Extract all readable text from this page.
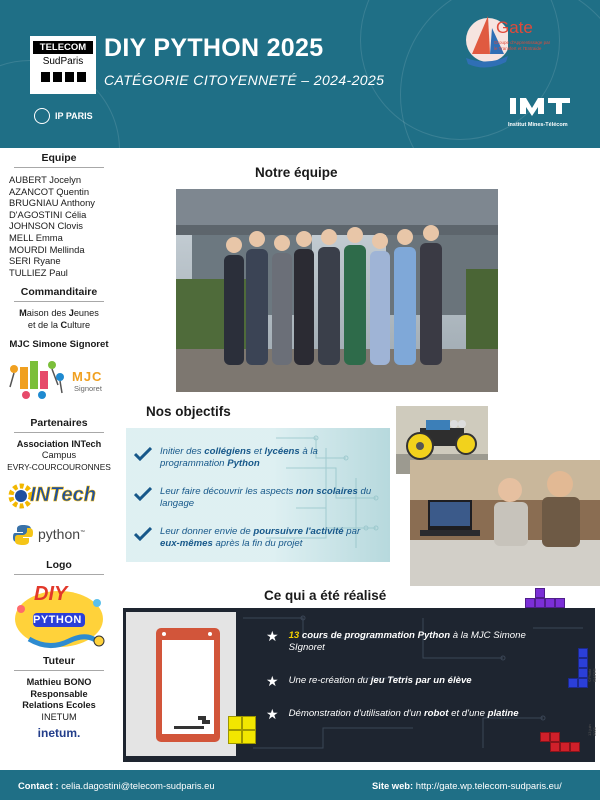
TELECOM
SudParis
IP PARIS
DIY PYTHON 2025
CATÉGORIE CITOYENNETÉ – 2024-2025
Gate
Groupe d'Apprentissage par le Transfert et l'Entraide
Institut Mines-Télécom
Equipe
AUBERT Jocelyn
AZANCOT Quentin
BRUGNIAU Anthony
D'AGOSTINI Célia
JOHNSON Clovis
MELL Emma
MOURDI Mellinda
SERI Ryane
TULLIEZ Paul
Commanditaire
Maison des Jeunes
et de la Culture
MJC Simone Signoret
MJC
Signoret
Partenaires
Association INTech
Campus
EVRY-COURCOURONNES
INTech
python™
Logo
DIY
PYTHON
Tuteur
Mathieu BONO
Responsable
Relations Ecoles
INETUM
inetum.
Notre équipe
Nos objectifs
Initier des collégiens et lycéens à la programmation Python
Leur faire découvrir les aspects non scolaires du langage
Leur donner envie de poursuivre l'activité par eux-mêmes après la fin du projet
Ce qui a été réalisé
★ 13 cours de programmation Python à la MJC Simone SIgnoret
★ Une re-création du jeu Tetris par un élève
★ Démonstration d'utilisation d'un robot et d'une platine
©Photo GATE®
13 juin 2025
Contact : celia.dagostini@telecom-sudparis.eu	Site web: http://gate.wp.telecom-sudparis.eu/
